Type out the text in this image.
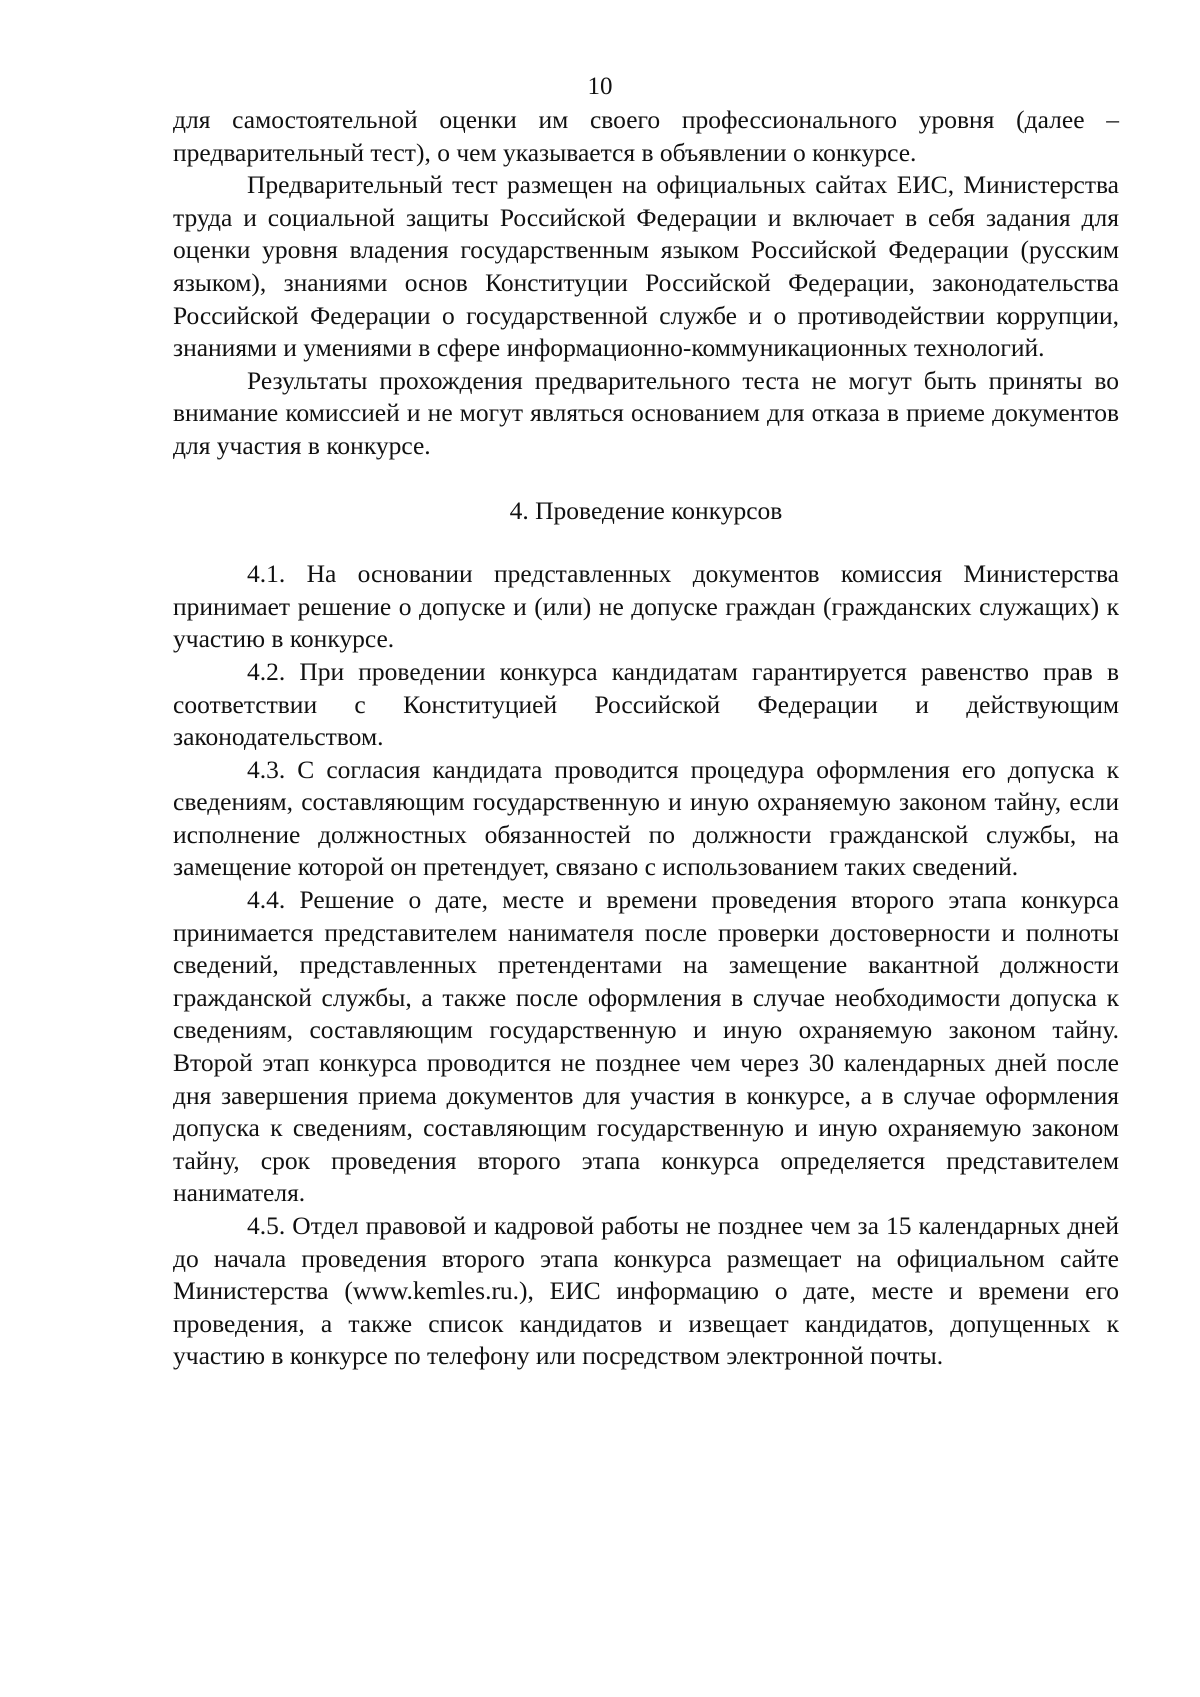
10

для самостоятельной оценки им своего профессионального уровня (далее – предварительный тест), о чем указывается в объявлении о конкурсе.

Предварительный тест размещен на официальных сайтах ЕИС, Министерства труда и социальной защиты Российской Федерации и включает в себя задания для оценки уровня владения государственным языком Российской Федерации (русским языком), знаниями основ Конституции Российской Федерации, законодательства Российской Федерации о государственной службе и о противодействии коррупции, знаниями и умениями в сфере информационно-коммуникационных технологий.

Результаты прохождения предварительного теста не могут быть приняты во внимание комиссией и не могут являться основанием для отказа в приеме документов для участия в конкурсе.

4. Проведение конкурсов

4.1. На основании представленных документов комиссия Министерства принимает решение о допуске и (или) не допуске граждан (гражданских служащих) к участию в конкурсе.

4.2. При проведении конкурса кандидатам гарантируется равенство прав в соответствии с Конституцией Российской Федерации и действующим законодательством.

4.3. С согласия кандидата проводится процедура оформления его допуска к сведениям, составляющим государственную и иную охраняемую законом тайну, если исполнение должностных обязанностей по должности гражданской службы, на замещение которой он претендует, связано с использованием таких сведений.

4.4. Решение о дате, месте и времени проведения второго этапа конкурса принимается представителем нанимателя после проверки достоверности и полноты сведений, представленных претендентами на замещение вакантной должности гражданской службы, а также после оформления в случае необходимости допуска к сведениям, составляющим государственную и иную охраняемую законом тайну. Второй этап конкурса проводится не позднее чем через 30 календарных дней после дня завершения приема документов для участия в конкурсе, а в случае оформления допуска к сведениям, составляющим государственную и иную охраняемую законом тайну, срок проведения второго этапа конкурса определяется представителем нанимателя.

4.5. Отдел правовой и кадровой работы не позднее чем за 15 календарных дней до начала проведения второго этапа конкурса размещает на официальном сайте Министерства (www.kemles.ru.), ЕИС информацию о дате, месте и времени его проведения, а также список кандидатов и извещает кандидатов, допущенных к участию в конкурсе по телефону или посредством электронной почты.
